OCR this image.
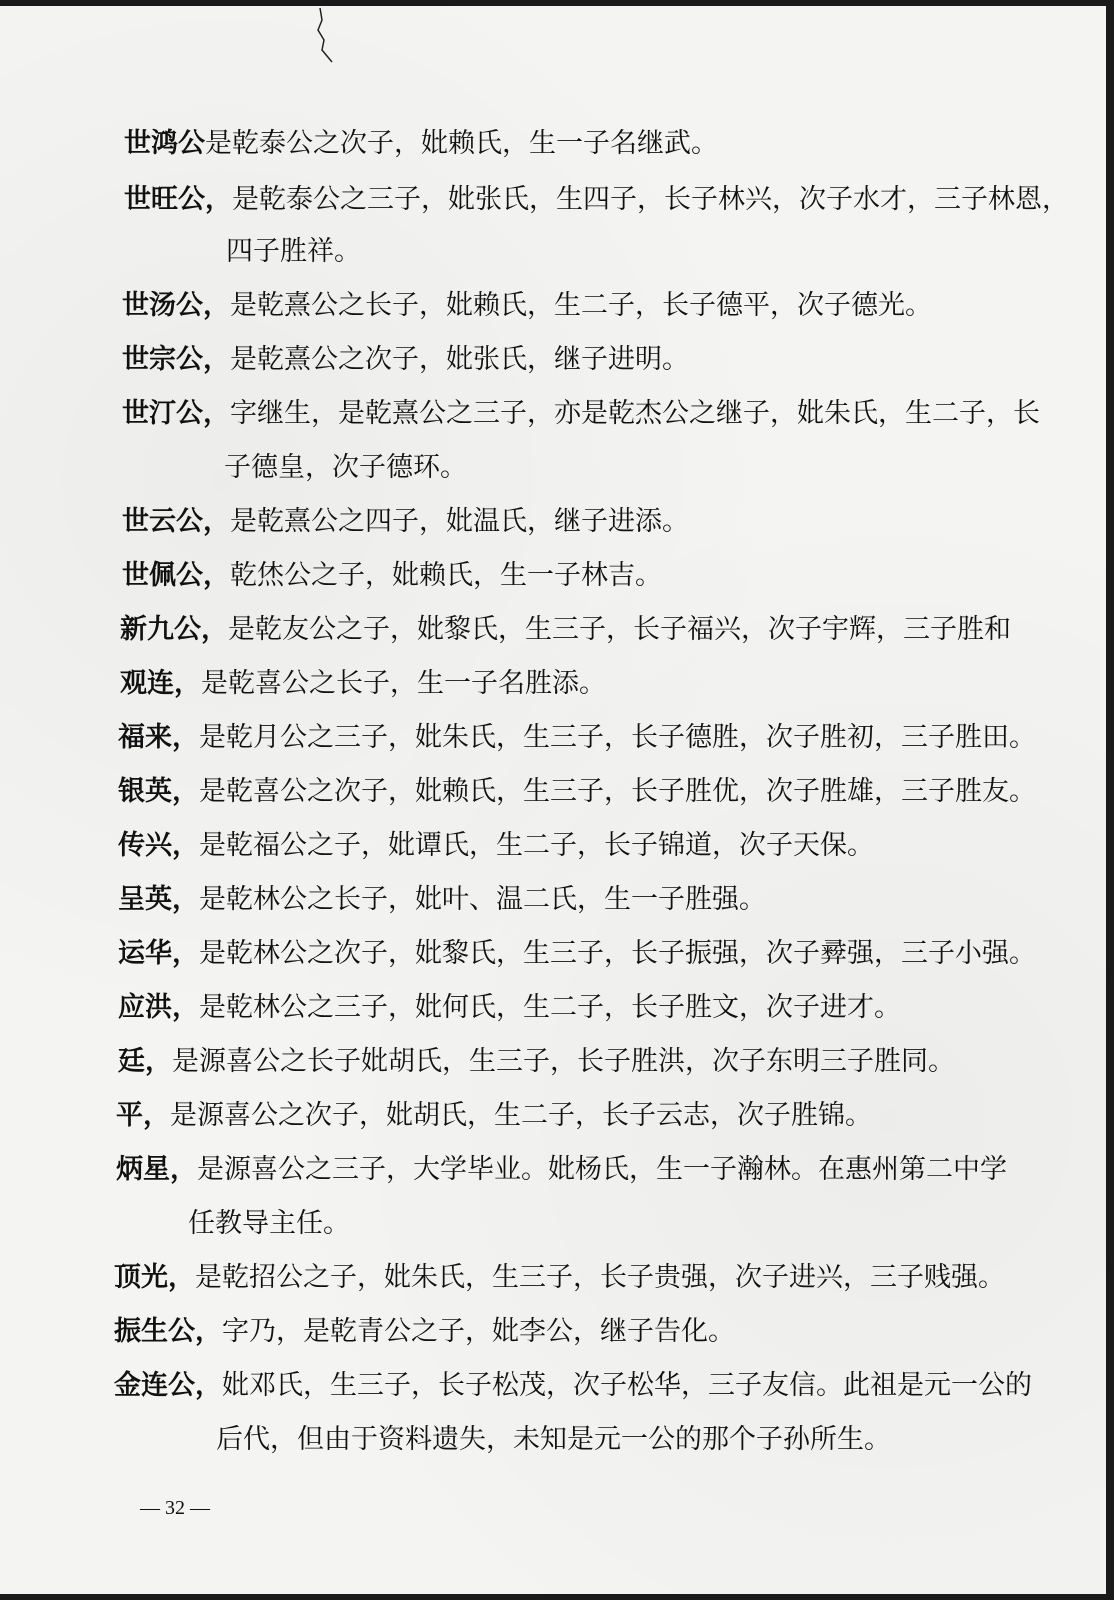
世鸿公是乾泰公之次子，妣赖氏，生一子名继武。
世旺公，是乾泰公之三子，妣张氏，生四子，长子林兴，次子水才，三子林恩，
四子胜祥。
世汤公，是乾熹公之长子，妣赖氏，生二子，长子德平，次子德光。
世宗公，是乾熹公之次子，妣张氏，继子进明。
世汀公，字继生，是乾熹公之三子，亦是乾杰公之继子，妣朱氏，生二子，长
子德皇，次子德环。
世云公，是乾熹公之四子，妣温氏，继子进添。
世佩公，乾烋公之子，妣赖氏，生一子林吉。
新九公，是乾友公之子，妣黎氏，生三子，长子福兴，次子宇辉，三子胜和
观连，是乾喜公之长子，生一子名胜添。
福来，是乾月公之三子，妣朱氏，生三子，长子德胜，次子胜初，三子胜田。
银英，是乾喜公之次子，妣赖氏，生三子，长子胜优，次子胜雄，三子胜友。
传兴，是乾福公之子，妣谭氏，生二子，长子锦道，次子天保。
呈英，是乾林公之长子，妣叶、温二氏，生一子胜强。
运华，是乾林公之次子，妣黎氏，生三子，长子振强，次子彛强，三子小强。
应洪，是乾林公之三子，妣何氏，生二子，长子胜文，次子进才。
廷，是源喜公之长子妣胡氏，生三子，长子胜洪，次子东明三子胜同。
平，是源喜公之次子，妣胡氏，生二子，长子云志，次子胜锦。
炳星，是源喜公之三子，大学毕业。妣杨氏，生一子瀚林。在惠州第二中学
任教导主任。
顶光，是乾招公之子，妣朱氏，生三子，长子贵强，次子进兴，三子贱强。
振生公，字乃，是乾青公之子，妣李公，继子告化。
金连公，妣邓氏，生三子，长子松茂，次子松华，三子友信。此祖是元一公的
后代，但由于资料遗失，未知是元一公的那个子孙所生。
— 32 —
